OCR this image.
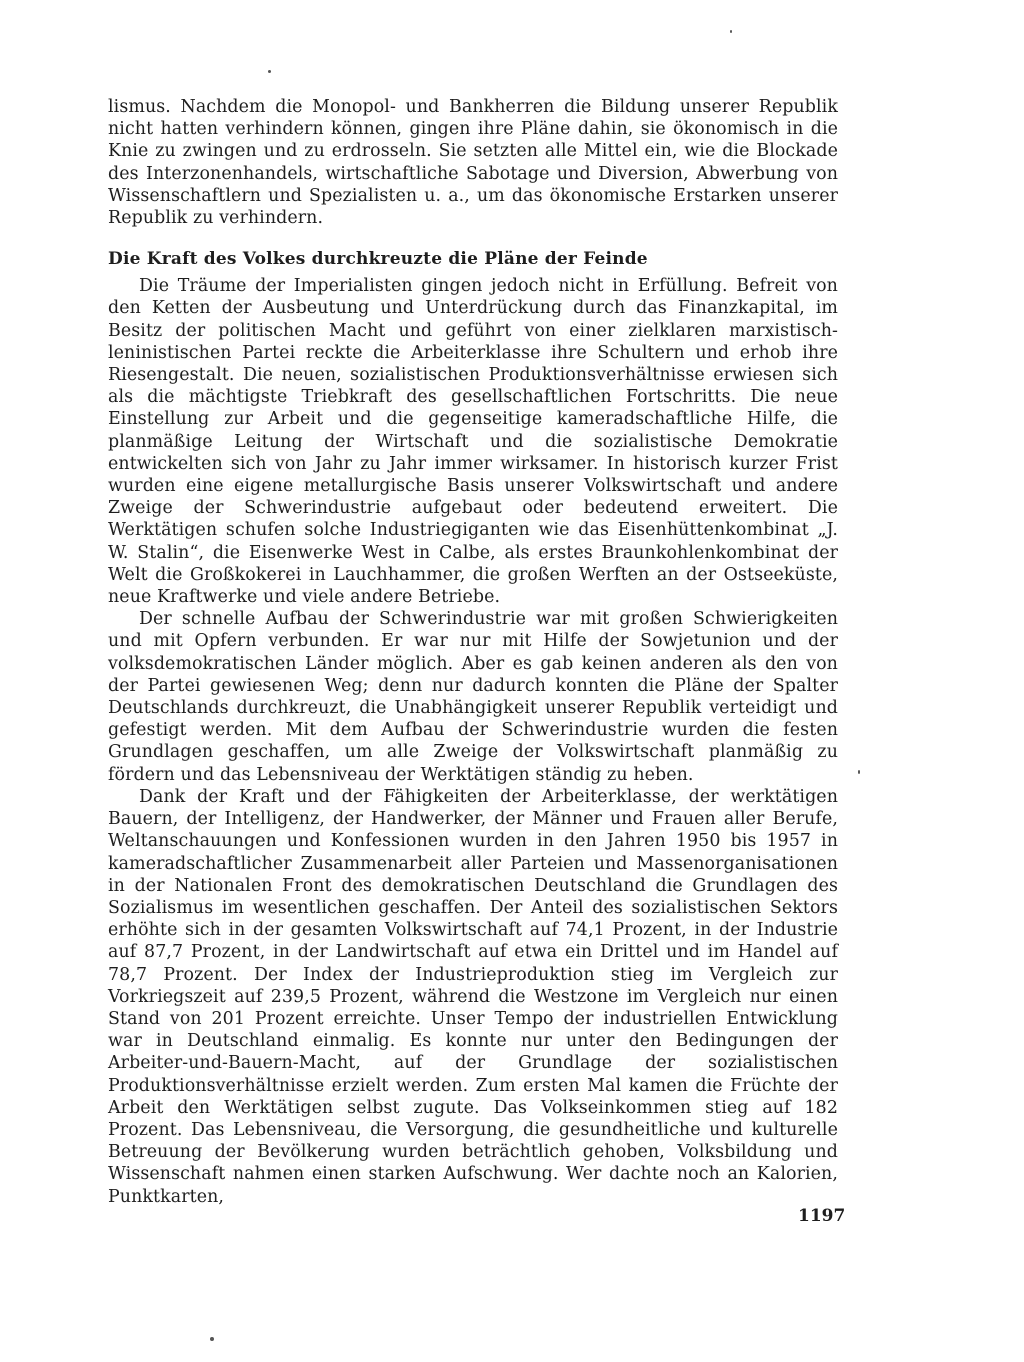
lismus. Nachdem die Monopol- und Bankherren die Bildung unserer Republik nicht hatten verhindern können, gingen ihre Pläne dahin, sie ökonomisch in die Knie zu zwingen und zu erdrosseln. Sie setzten alle Mittel ein, wie die Blockade des Interzonenhandels, wirtschaftliche Sabotage und Diversion, Abwerbung von Wissenschaftlern und Spezialisten u. a., um das ökonomische Erstarken unserer Republik zu verhindern.

Die Kraft des Volkes durchkreuzte die Pläne der Feinde

Die Träume der Imperialisten gingen jedoch nicht in Erfüllung. Befreit von den Ketten der Ausbeutung und Unterdrückung durch das Finanzkapital, im Besitz der politischen Macht und geführt von einer zielklaren marxistisch-leninistischen Partei reckte die Arbeiterklasse ihre Schultern und erhob ihre Riesengestalt. Die neuen, sozialistischen Produktionsverhältnisse erwiesen sich als die mächtigste Triebkraft des gesellschaftlichen Fortschritts. Die neue Einstellung zur Arbeit und die gegenseitige kameradschaftliche Hilfe, die planmäßige Leitung der Wirtschaft und die sozialistische Demokratie entwickelten sich von Jahr zu Jahr immer wirksamer. In historisch kurzer Frist wurden eine eigene metallurgische Basis unserer Volkswirtschaft und andere Zweige der Schwerindustrie aufgebaut oder bedeutend erweitert. Die Werktätigen schufen solche Industriegiganten wie das Eisenhüttenkombinat „J. W. Stalin“, die Eisenwerke West in Calbe, als erstes Braunkohlenkombinat der Welt die Großkokerei in Lauchhammer, die großen Werften an der Ostseeküste, neue Kraftwerke und viele andere Betriebe.

Der schnelle Aufbau der Schwerindustrie war mit großen Schwierigkeiten und mit Opfern verbunden. Er war nur mit Hilfe der Sowjetunion und der volksdemokratischen Länder möglich. Aber es gab keinen anderen als den von der Partei gewiesenen Weg; denn nur dadurch konnten die Pläne der Spalter Deutschlands durchkreuzt, die Unabhängigkeit unserer Republik verteidigt und gefestigt werden. Mit dem Aufbau der Schwerindustrie wurden die festen Grundlagen geschaffen, um alle Zweige der Volkswirtschaft planmäßig zu fördern und das Lebensniveau der Werktätigen ständig zu heben.

Dank der Kraft und der Fähigkeiten der Arbeiterklasse, der werktätigen Bauern, der Intelligenz, der Handwerker, der Männer und Frauen aller Berufe, Weltanschauungen und Konfessionen wurden in den Jahren 1950 bis 1957 in kameradschaftlicher Zusammenarbeit aller Parteien und Massenorganisationen in der Nationalen Front des demokratischen Deutschland die Grundlagen des Sozialismus im wesentlichen geschaffen. Der Anteil des sozialistischen Sektors erhöhte sich in der gesamten Volkswirtschaft auf 74,1 Prozent, in der Industrie auf 87,7 Prozent, in der Landwirtschaft auf etwa ein Drittel und im Handel auf 78,7 Prozent. Der Index der Industrieproduktion stieg im Vergleich zur Vorkriegszeit auf 239,5 Prozent, während die Westzone im Vergleich nur einen Stand von 201 Prozent erreichte. Unser Tempo der industriellen Entwicklung war in Deutschland einmalig. Es konnte nur unter den Bedingungen der Arbeiter-und-Bauern-Macht, auf der Grundlage der sozialistischen Produktionsverhältnisse erzielt werden. Zum ersten Mal kamen die Früchte der Arbeit den Werktätigen selbst zugute. Das Volkseinkommen stieg auf 182 Prozent. Das Lebensniveau, die Versorgung, die gesundheitliche und kulturelle Betreuung der Bevölkerung wurden beträchtlich gehoben, Volksbildung und Wissenschaft nahmen einen starken Aufschwung. Wer dachte noch an Kalorien, Punktkarten,

1197
